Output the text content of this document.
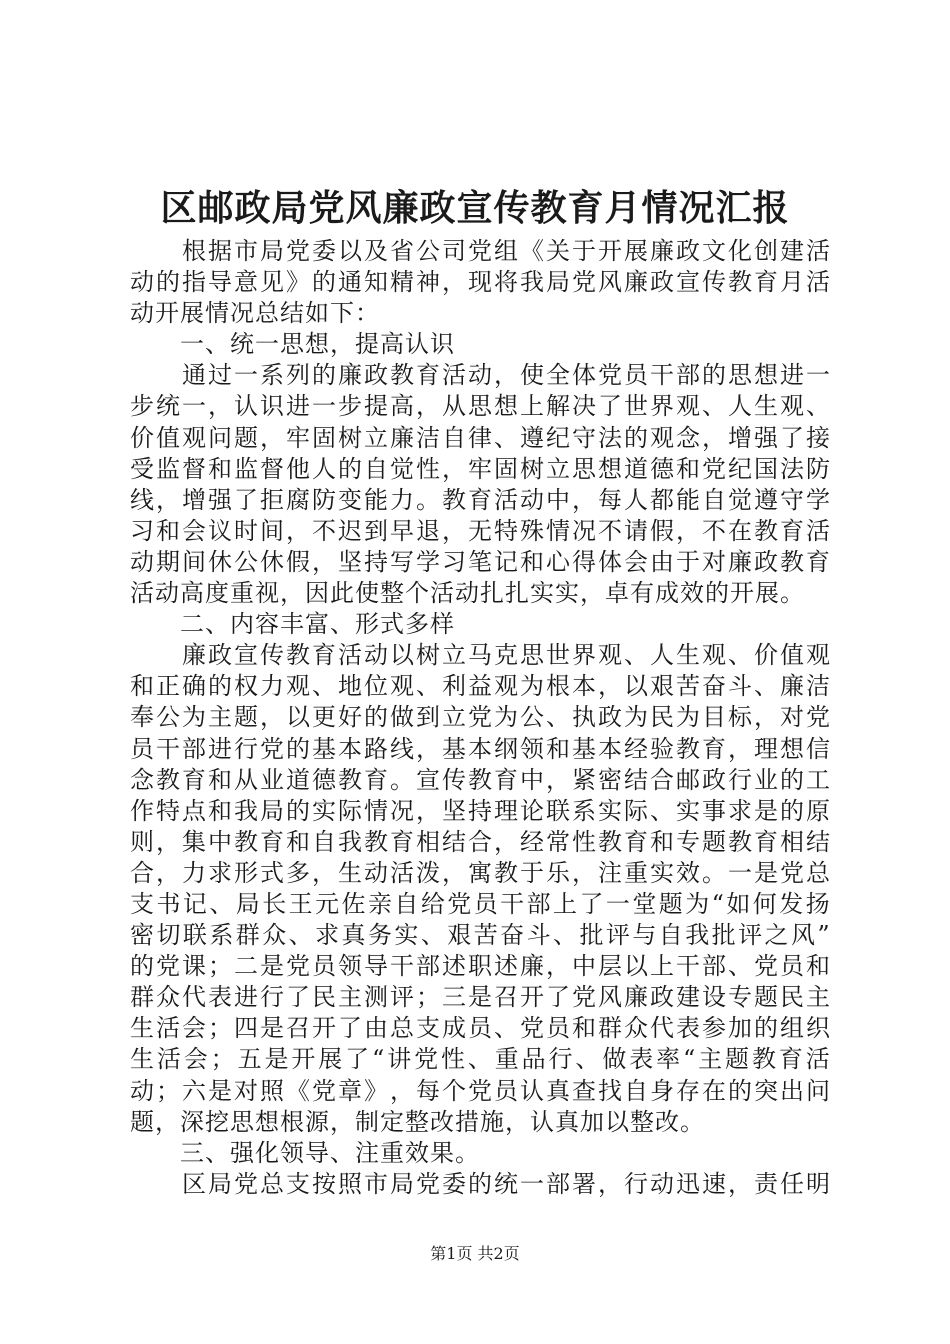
区邮政局党风廉政宣传教育月情况汇报

根 据 市 局 党 委 以 及 省 公 司 党 组 《 关 于 开 展 廉 政 文 化 创 建 活
动 的 指 导 意 见 》 的 通 知 精 神 ， 现 将 我 局 党 风 廉 政 宣 传 教 育 月 活
动开展情况总结如下：
　　一、统一思想，提高认识

通 过 一 系 列 的 廉 政 教 育 活 动 ， 使 全 体 党 员 干 部 的 思 想 进 一
步 统 一 ， 认 识 进 一 步 提 高 ， 从 思 想 上 解 决 了 世 界 观 、 人 生 观 、
价 值 观 问 题 ， 牢 固 树 立 廉 洁 自 律 、 遵 纪 守 法 的 观 念 ， 增 强 了 接
受 监 督 和 监 督 他 人 的 自 觉 性 ， 牢 固 树 立 思 想 道 德 和 党 纪 国 法 防
线 ， 增 强 了 拒 腐 防 变 能 力 。 教 育 活 动 中 ， 每 人 都 能 自 觉 遵 守 学
习 和 会 议 时 间 ， 不 迟 到 早 退 ， 无 特 殊 情 况 不 请 假 ， 不 在 教 育 活
动 期 间 休 公 休 假 ， 坚 持 写 学 习 笔 记 和 心 得 体 会 由 于 对 廉 政 教 育
活动高度重视，因此使整个活动扎扎实实，卓有成效的开展。
　　二、内容丰富、形式多样

廉 政 宣 传 教 育 活 动 以 树 立 马 克 思 世 界 观 、 人 生 观 、 价 值 观
和 正 确 的 权 力 观 、 地 位 观 、 利 益 观 为 根 本 ， 以 艰 苦 奋 斗 、 廉 洁
奉 公 为 主 题 ， 以 更 好 的 做 到 立 党 为 公 、 执 政 为 民 为 目 标 ， 对 党
员 干 部 进 行 党 的 基 本 路 线 ， 基 本 纲 领 和 基 本 经 验 教 育 ， 理 想 信
念 教 育 和 从 业 道 德 教 育 。 宣 传 教 育 中 ， 紧 密 结 合 邮 政 行 业 的 工
作 特 点 和 我 局 的 实 际 情 况 ， 坚 持 理 论 联 系 实 际 、 实 事 求 是 的 原
则 ， 集 中 教 育 和 自 我 教 育 相 结 合 ， 经 常 性 教 育 和 专 题 教 育 相 结
合 ， 力 求 形 式 多 ， 生 动 活 泼 ， 寓 教 于 乐 ， 注 重 实 效 。 一 是 党 总
支 书 记 、 局 长 王 元 佐 亲 自 给 党 员 干 部 上 了 一 堂 题 为 “ 如 何 发 扬
密 切 联 系 群 众 、 求 真 务 实 、 艰 苦 奋 斗 、 批 评 与 自 我 批 评 之 风 ”
的 党 课 ； 二 是 党 员 领 导 干 部 述 职 述 廉 ， 中 层 以 上 干 部 、 党 员 和
群 众 代 表 进 行 了 民 主 测 评 ； 三 是 召 开 了 党 风 廉 政 建 设 专 题 民 主
生 活 会 ； 四 是 召 开 了 由 总 支 成 员 、 党 员 和 群 众 代 表 参 加 的 组 织
生 活 会 ； 五 是 开 展 了 “ 讲 党 性 、 重 品 行 、 做 表 率 “ 主 题 教 育 活
动 ； 六 是 对 照 《 党 章 》 ， 每 个 党 员 认 真 查 找 自 身 存 在 的 突 出 问
题，深挖思想根源，制定整改措施，认真加以整改。
　　三、强化领导、注重效果。

区 局 党 总 支 按 照 市 局 党 委 的 统 一 部 署 ， 行 动 迅 速 ， 责 任 明
第1页 共2页
